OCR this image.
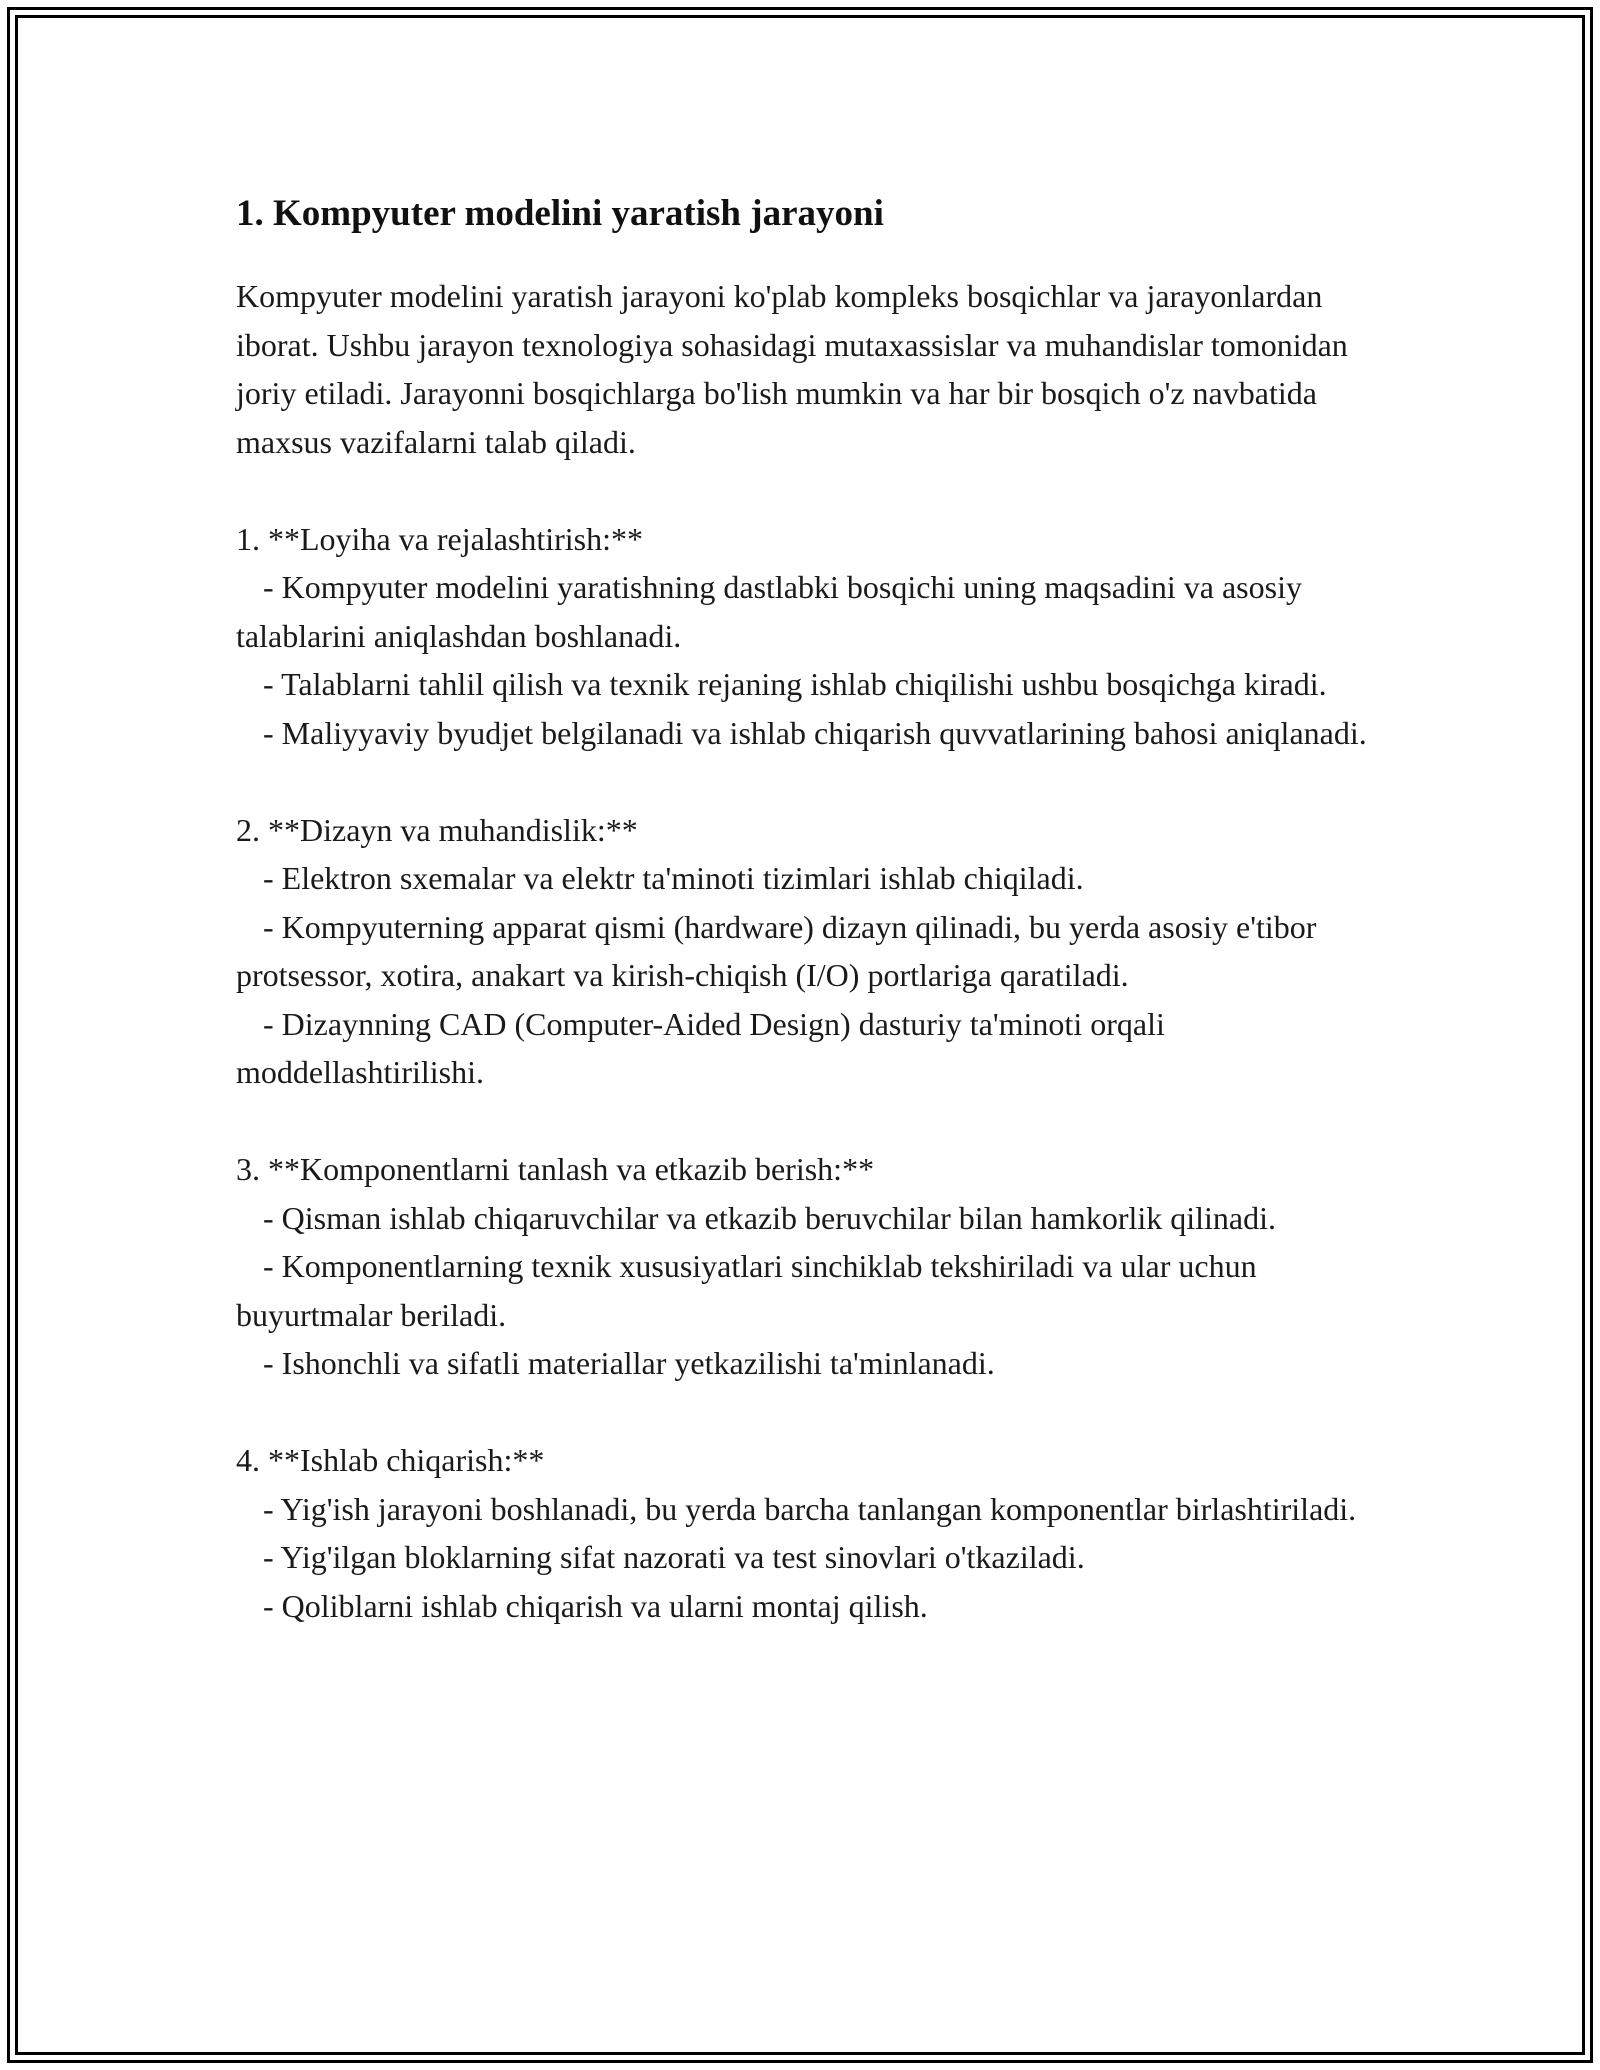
1. Kompyuter modelini yaratish jarayoni

Kompyuter modelini yaratish jarayoni ko'plab kompleks bosqichlar va jarayonlardan iborat. Ushbu jarayon texnologiya sohasidagi mutaxassislar va muhandislar tomonidan joriy etiladi. Jarayonni bosqichlarga bo'lish mumkin va har bir bosqich o'z navbatida maxsus vazifalarni talab qiladi.

1. **Loyiha va rejalashtirish:**
- Kompyuter modelini yaratishning dastlabki bosqichi uning maqsadini va asosiy talablarini aniqlashdan boshlanadi.
- Talablarni tahlil qilish va texnik rejaning ishlab chiqilishi ushbu bosqichga kiradi.
- Maliyyaviy byudjet belgilanadi va ishlab chiqarish quvvatlarining bahosi aniqlanadi.
2. **Dizayn va muhandislik:**
- Elektron sxemalar va elektr ta'minoti tizimlari ishlab chiqiladi.
- Kompyuterning apparat qismi (hardware) dizayn qilinadi, bu yerda asosiy e'tibor protsessor, xotira, anakart va kirish-chiqish (I/O) portlariga qaratiladi.
- Dizaynning CAD (Computer-Aided Design) dasturiy ta'minoti orqali moddellashtirilishi.
3. **Komponentlarni tanlash va etkazib berish:**
- Qisman ishlab chiqaruvchilar va etkazib beruvchilar bilan hamkorlik qilinadi.
- Komponentlarning texnik xususiyatlari sinchiklab tekshiriladi va ular uchun buyurtmalar beriladi.
- Ishonchli va sifatli materiallar yetkazilishi ta'minlanadi.
4. **Ishlab chiqarish:**
- Yig'ish jarayoni boshlanadi, bu yerda barcha tanlangan komponentlar birlashtiriladi.
- Yig'ilgan bloklarning sifat nazorati va test sinovlari o'tkaziladi.
- Qoliblarni ishlab chiqarish va ularni montaj qilish.
